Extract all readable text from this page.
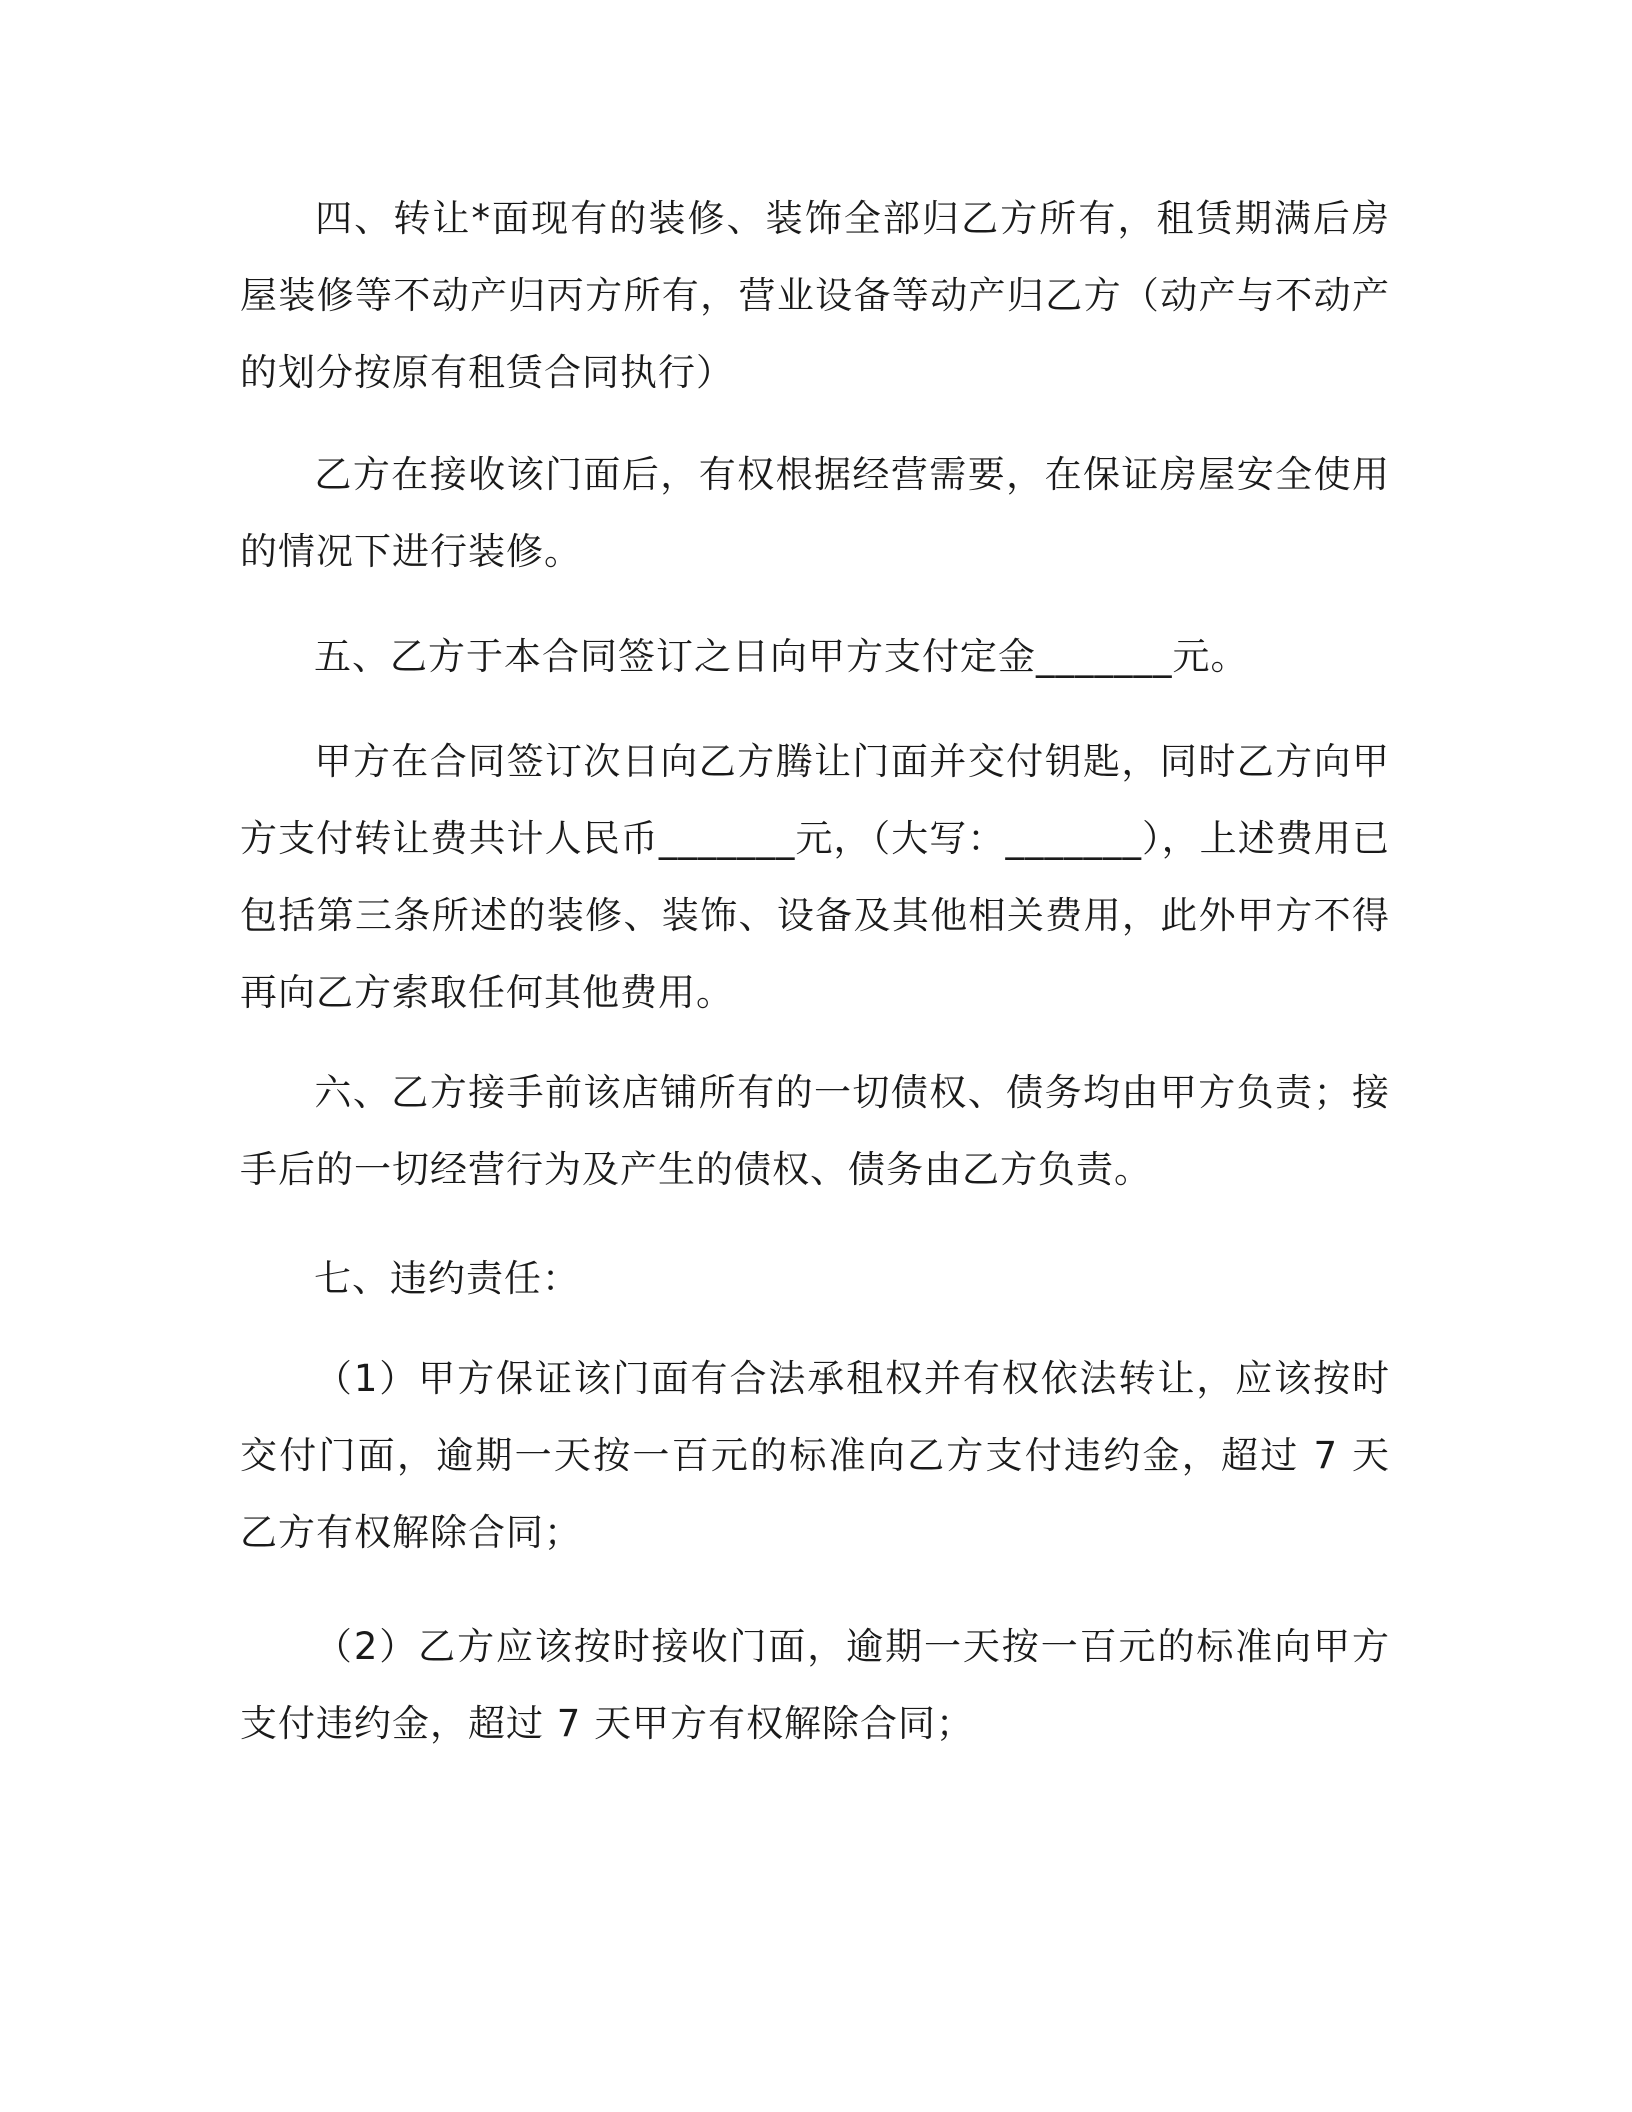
四、转让*面现有的装修、装饰全部归乙方所有，租赁期满后房屋装修等不动产归丙方所有，营业设备等动产归乙方（动产与不动产的划分按原有租赁合同执行）

乙方在接收该门面后，有权根据经营需要，在保证房屋安全使用的情况下进行装修。

五、乙方于本合同签订之日向甲方支付定金_______元。

甲方在合同签订次日向乙方腾让门面并交付钥匙，同时乙方向甲方支付转让费共计人民币_______元，（大写：_______），上述费用已包括第三条所述的装修、装饰、设备及其他相关费用，此外甲方不得再向乙方索取任何其他费用。

六、乙方接手前该店铺所有的一切债权、债务均由甲方负责；接手后的一切经营行为及产生的债权、债务由乙方负责。

七、违约责任：

（1）甲方保证该门面有合法承租权并有权依法转让，应该按时交付门面，逾期一天按一百元的标准向乙方支付违约金，超过 7 天乙方有权解除合同；

（2）乙方应该按时接收门面，逾期一天按一百元的标准向甲方支付违约金，超过 7 天甲方有权解除合同；
